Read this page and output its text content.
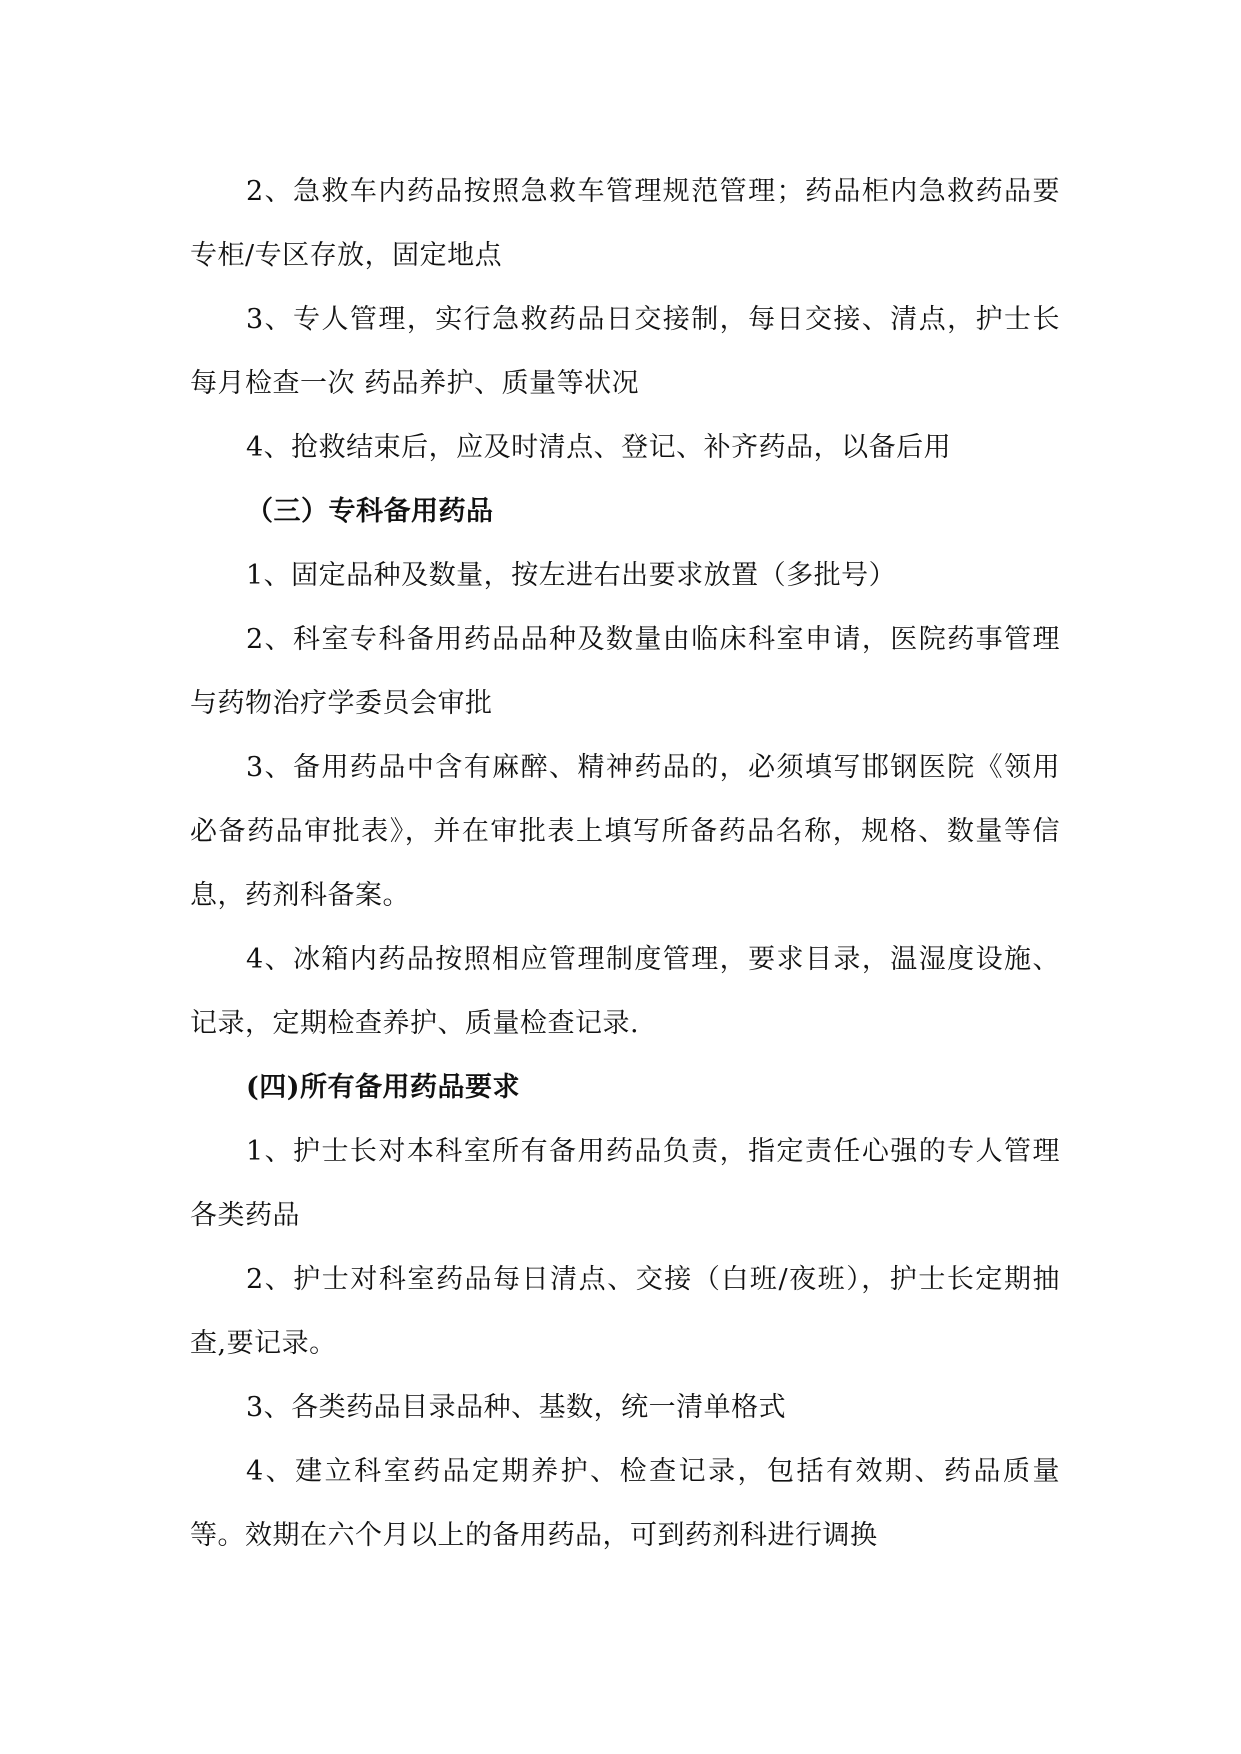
2、急救车内药品按照急救车管理规范管理；药品柜内急救药品要专柜/专区存放，固定地点

3、专人管理，实行急救药品日交接制，每日交接、清点，护士长每月检查一次 药品养护、质量等状况

4、抢救结束后，应及时清点、登记、补齐药品，以备后用

（三）专科备用药品

1、固定品种及数量，按左进右出要求放置（多批号）

2、科室专科备用药品品种及数量由临床科室申请，医院药事管理与药物治疗学委员会审批

3、备用药品中含有麻醉、精神药品的，必须填写邯钢医院《领用必备药品审批表》，并在审批表上填写所备药品名称，规格、数量等信息，药剂科备案。

4、冰箱内药品按照相应管理制度管理，要求目录，温湿度设施、记录，定期检查养护、质量检查记录.

(四)所有备用药品要求

1、护士长对本科室所有备用药品负责，指定责任心强的专人管理各类药品

2、护士对科室药品每日清点、交接（白班/夜班），护士长定期抽查,要记录。

3、各类药品目录品种、基数，统一清单格式

4、建立科室药品定期养护、检查记录，包括有效期、药品质量等。效期在六个月以上的备用药品，可到药剂科进行调换
